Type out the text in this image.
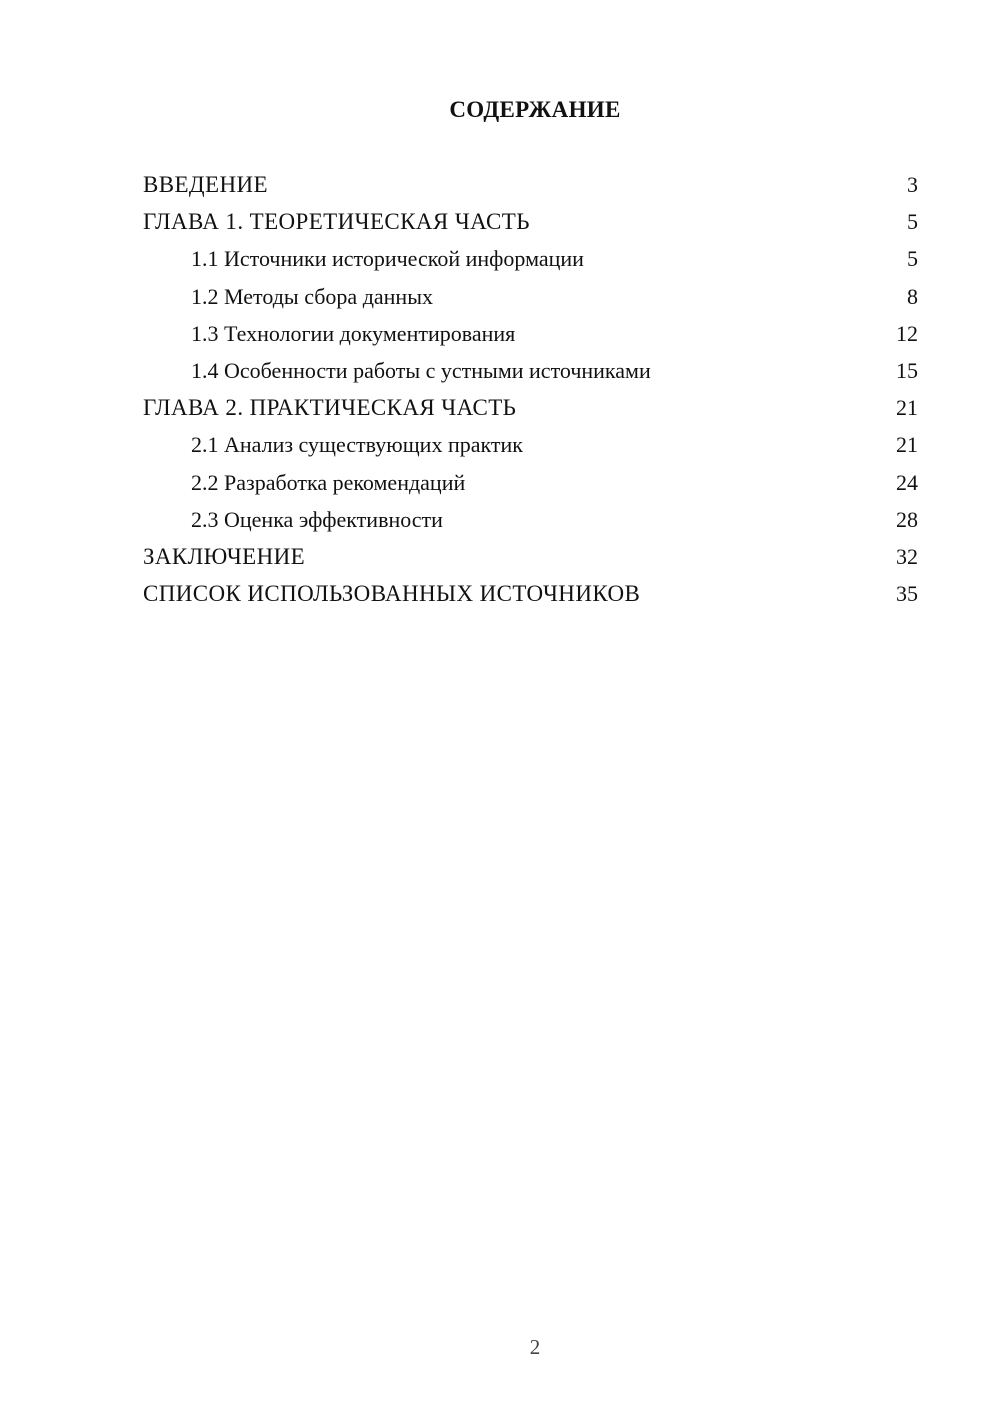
СОДЕРЖАНИЕ
ВВЕДЕНИЕ	3
ГЛАВА 1. ТЕОРЕТИЧЕСКАЯ ЧАСТЬ	5
1.1 Источники исторической информации	5
1.2 Методы сбора данных	8
1.3 Технологии документирования	12
1.4 Особенности работы с устными источниками	15
ГЛАВА 2. ПРАКТИЧЕСКАЯ ЧАСТЬ	21
2.1 Анализ существующих практик	21
2.2 Разработка рекомендаций	24
2.3 Оценка эффективности	28
ЗАКЛЮЧЕНИЕ	32
СПИСОК ИСПОЛЬЗОВАННЫХ ИСТОЧНИКОВ	35
2
